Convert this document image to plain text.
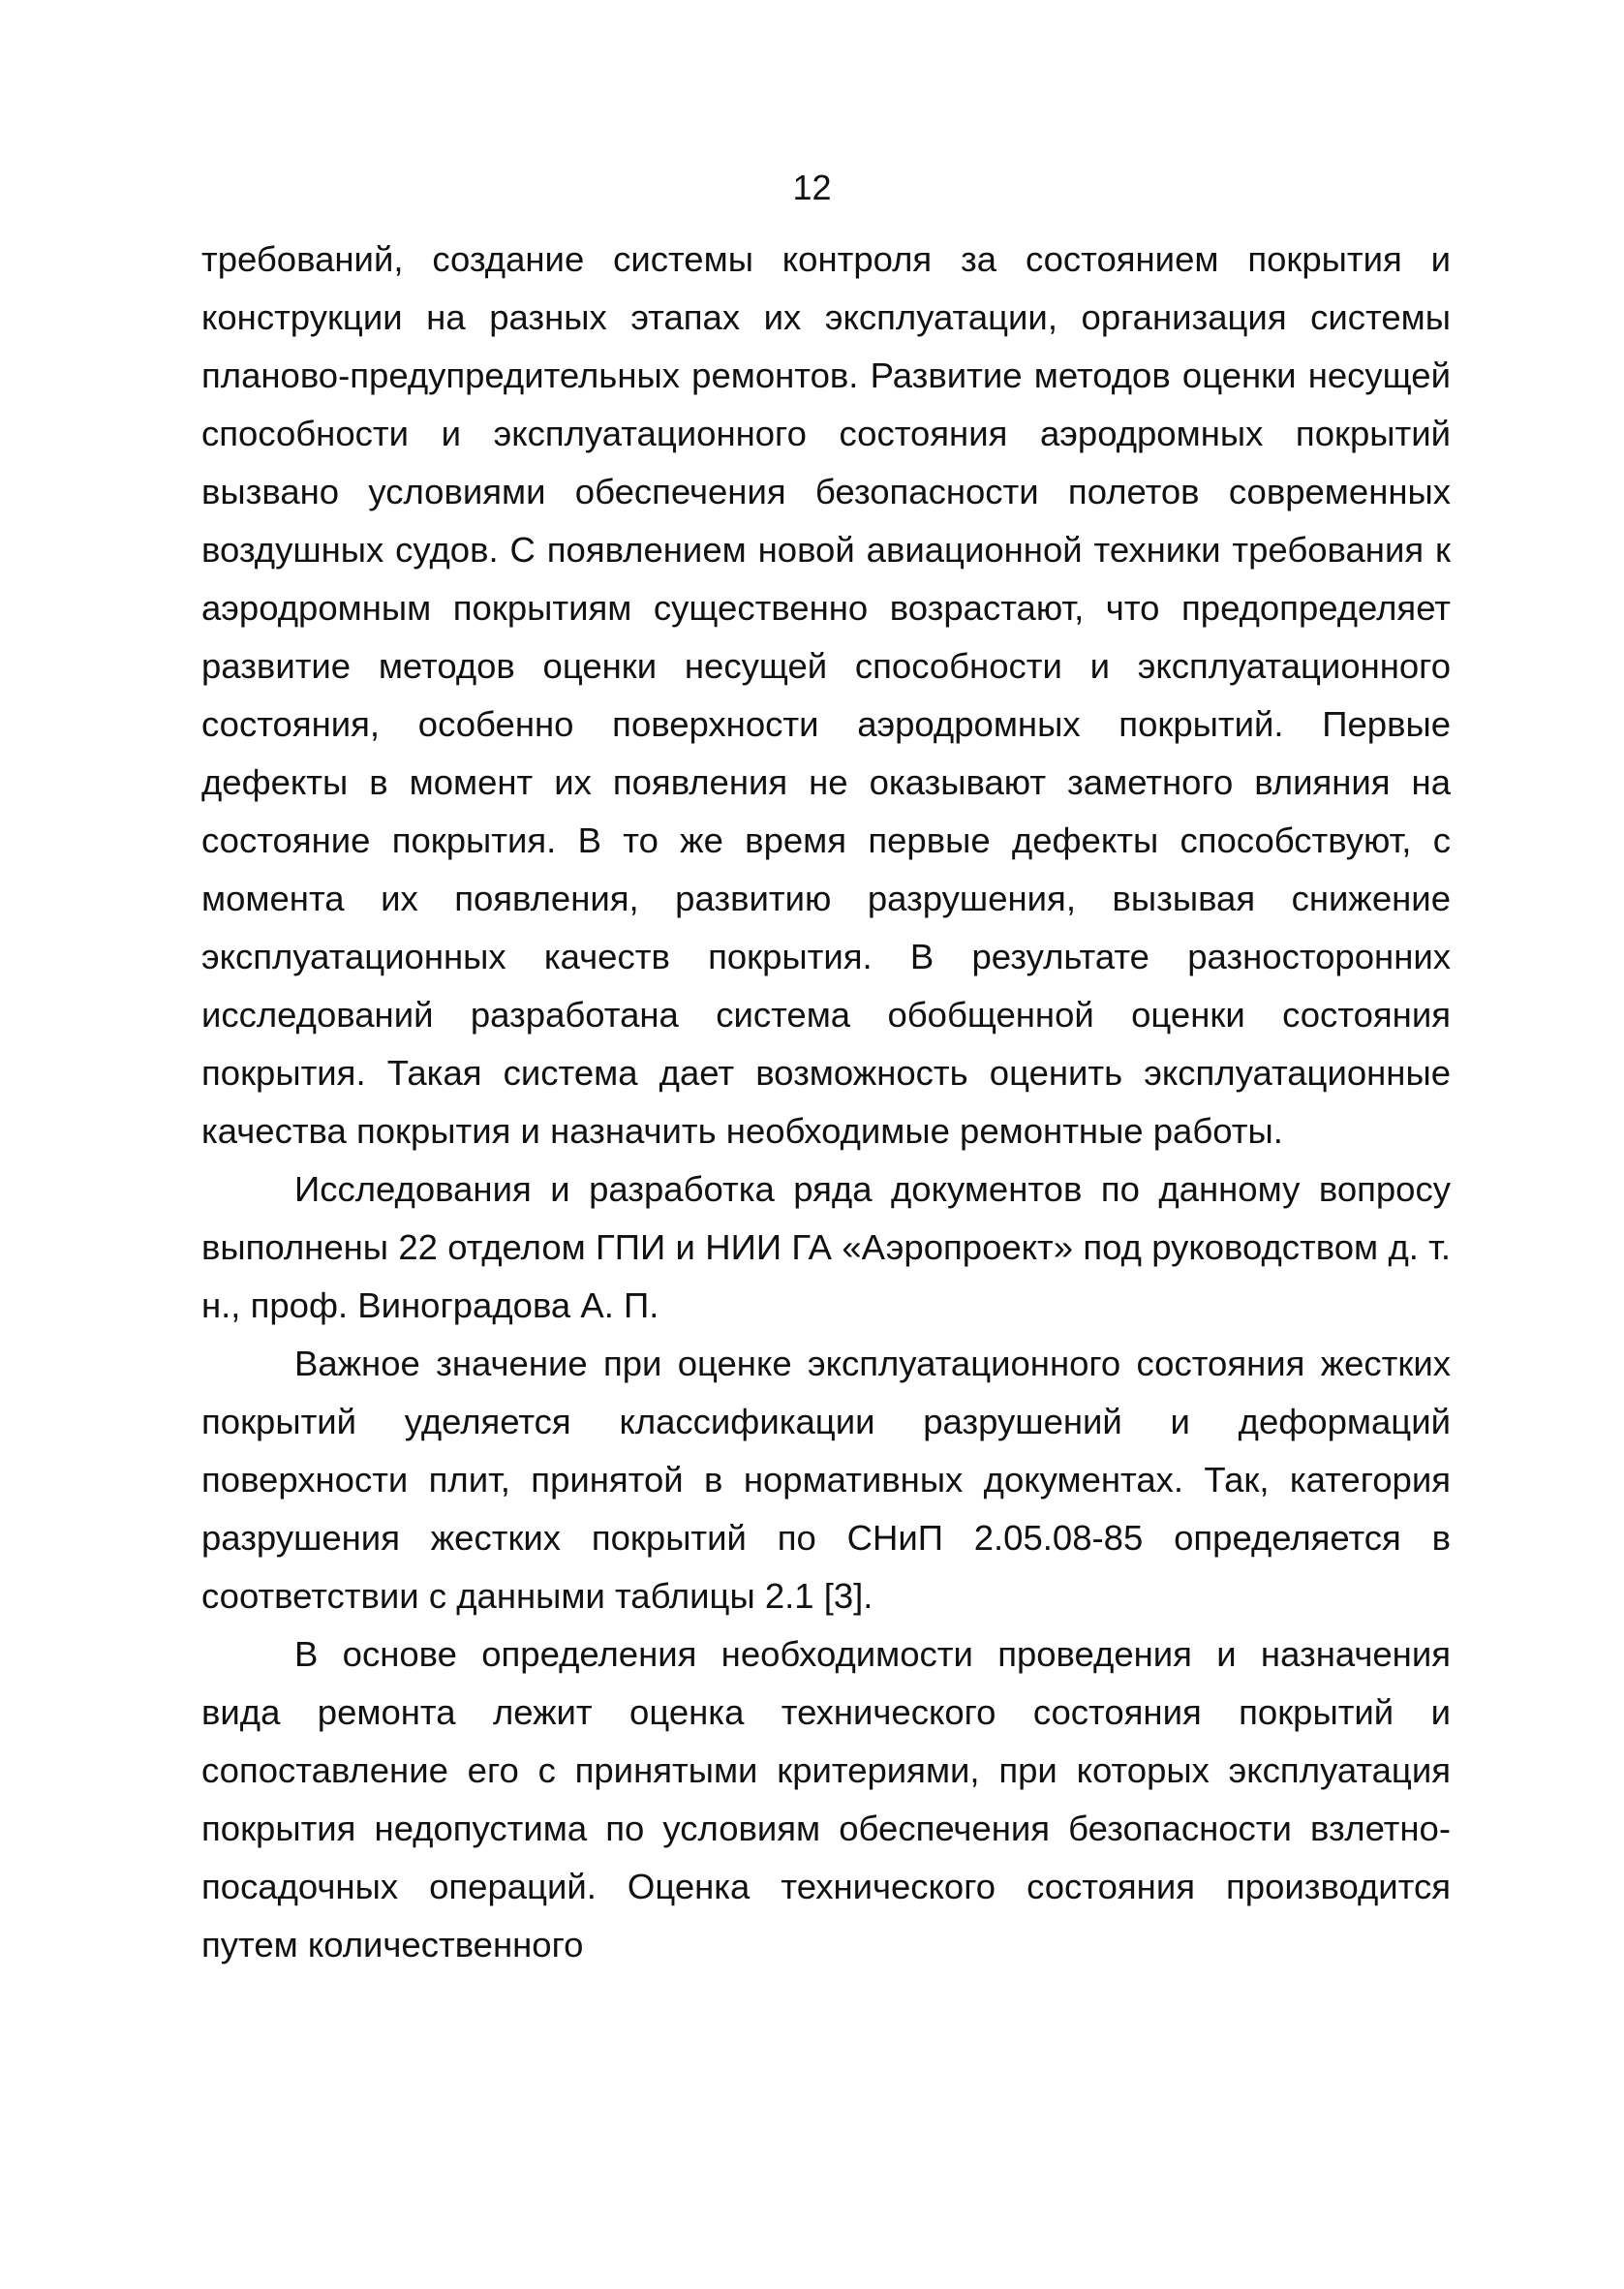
12

требований, создание системы контроля за состоянием покрытия и конструкции на разных этапах их эксплуатации, организация системы планово-предупредительных ремонтов. Развитие методов оценки несущей способности и эксплуатационного состояния аэродромных покрытий вызвано условиями обеспечения безопасности полетов современных воздушных судов. С появлением новой авиационной техники требования к аэродромным покрытиям существенно возрастают, что предопределяет развитие методов оценки несущей способности и эксплуатационного состояния, особенно поверхности аэродромных покрытий. Первые дефекты в момент их появления не оказывают заметного влияния на состояние покрытия. В то же время первые дефекты способствуют, с момента их появления, развитию разрушения, вызывая снижение эксплуатационных качеств покрытия. В результате разносторонних исследований разработана система обобщенной оценки состояния покрытия. Такая система дает возможность оценить эксплуатационные качества покрытия и назначить необходимые ремонтные работы.

Исследования и разработка ряда документов по данному вопросу выполнены 22 отделом ГПИ и НИИ ГА «Аэропроект» под руководством д. т. н., проф. Виноградова А. П.

Важное значение при оценке эксплуатационного состояния жестких покрытий уделяется классификации разрушений и деформаций поверхности плит, принятой в нормативных документах. Так, категория разрушения жестких покрытий по СНиП 2.05.08-85 определяется в соответствии с данными таблицы 2.1 [3].

В основе определения необходимости проведения и назначения вида ремонта лежит оценка технического состояния покрытий и сопоставление его с принятыми критериями, при которых эксплуатация покрытия недопустима по условиям обеспечения безопасности взлетно-посадочных операций. Оценка технического состояния производится путем количественного
